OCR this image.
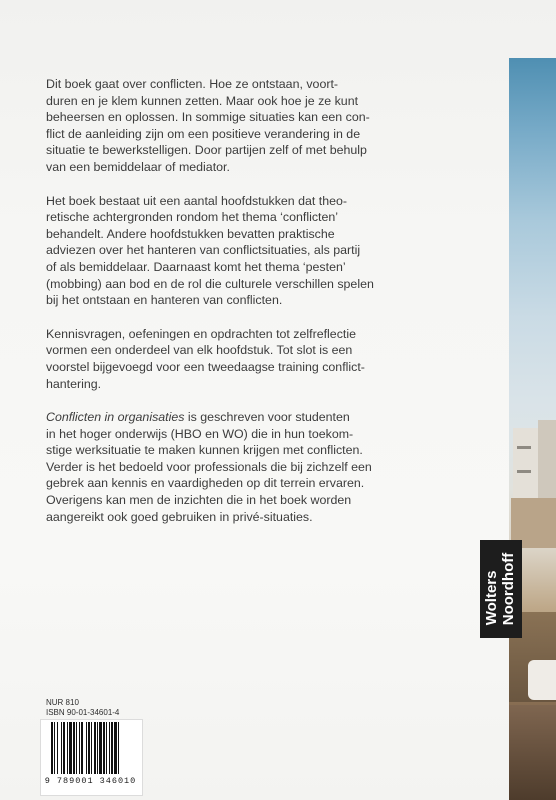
Dit boek gaat over conflicten. Hoe ze ontstaan, voort-
duren en je klem kunnen zetten. Maar ook hoe je ze kunt
beheersen en oplossen. In sommige situaties kan een con-
flict de aanleiding zijn om een positieve verandering in de
situatie te bewerkstelligen. Door partijen zelf of met behulp
van een bemiddelaar of mediator.

Het boek bestaat uit een aantal hoofdstukken dat theo-
retische achtergronden rondom het thema ‘conflicten’
behandelt. Andere hoofdstukken bevatten praktische
adviezen over het hanteren van conflictsituaties, als partij
of als bemiddelaar. Daarnaast komt het thema ‘pesten’
(mobbing) aan bod en de rol die culturele verschillen spelen
bij het ontstaan en hanteren van conflicten.

Kennisvragen, oefeningen en opdrachten tot zelfreflectie
vormen een onderdeel van elk hoofdstuk. Tot slot is een
voorstel bijgevoegd voor een tweedaagse training conflict-
hantering.

Conflicten in organisaties is geschreven voor studenten
in het hoger onderwijs (HBO en WO) die in hun toekom-
stige werksituatie te maken kunnen krijgen met conflicten.
Verder is het bedoeld voor professionals die bij zichzelf een
gebrek aan kennis en vaardigheden op dit terrein ervaren.
Overigens kan men de inzichten die in het boek worden
aangereikt ook goed gebruiken in privé-situaties.

Wolters Noordhoff
NUR 810
ISBN 90-01-34601-4
9 789001 346010
